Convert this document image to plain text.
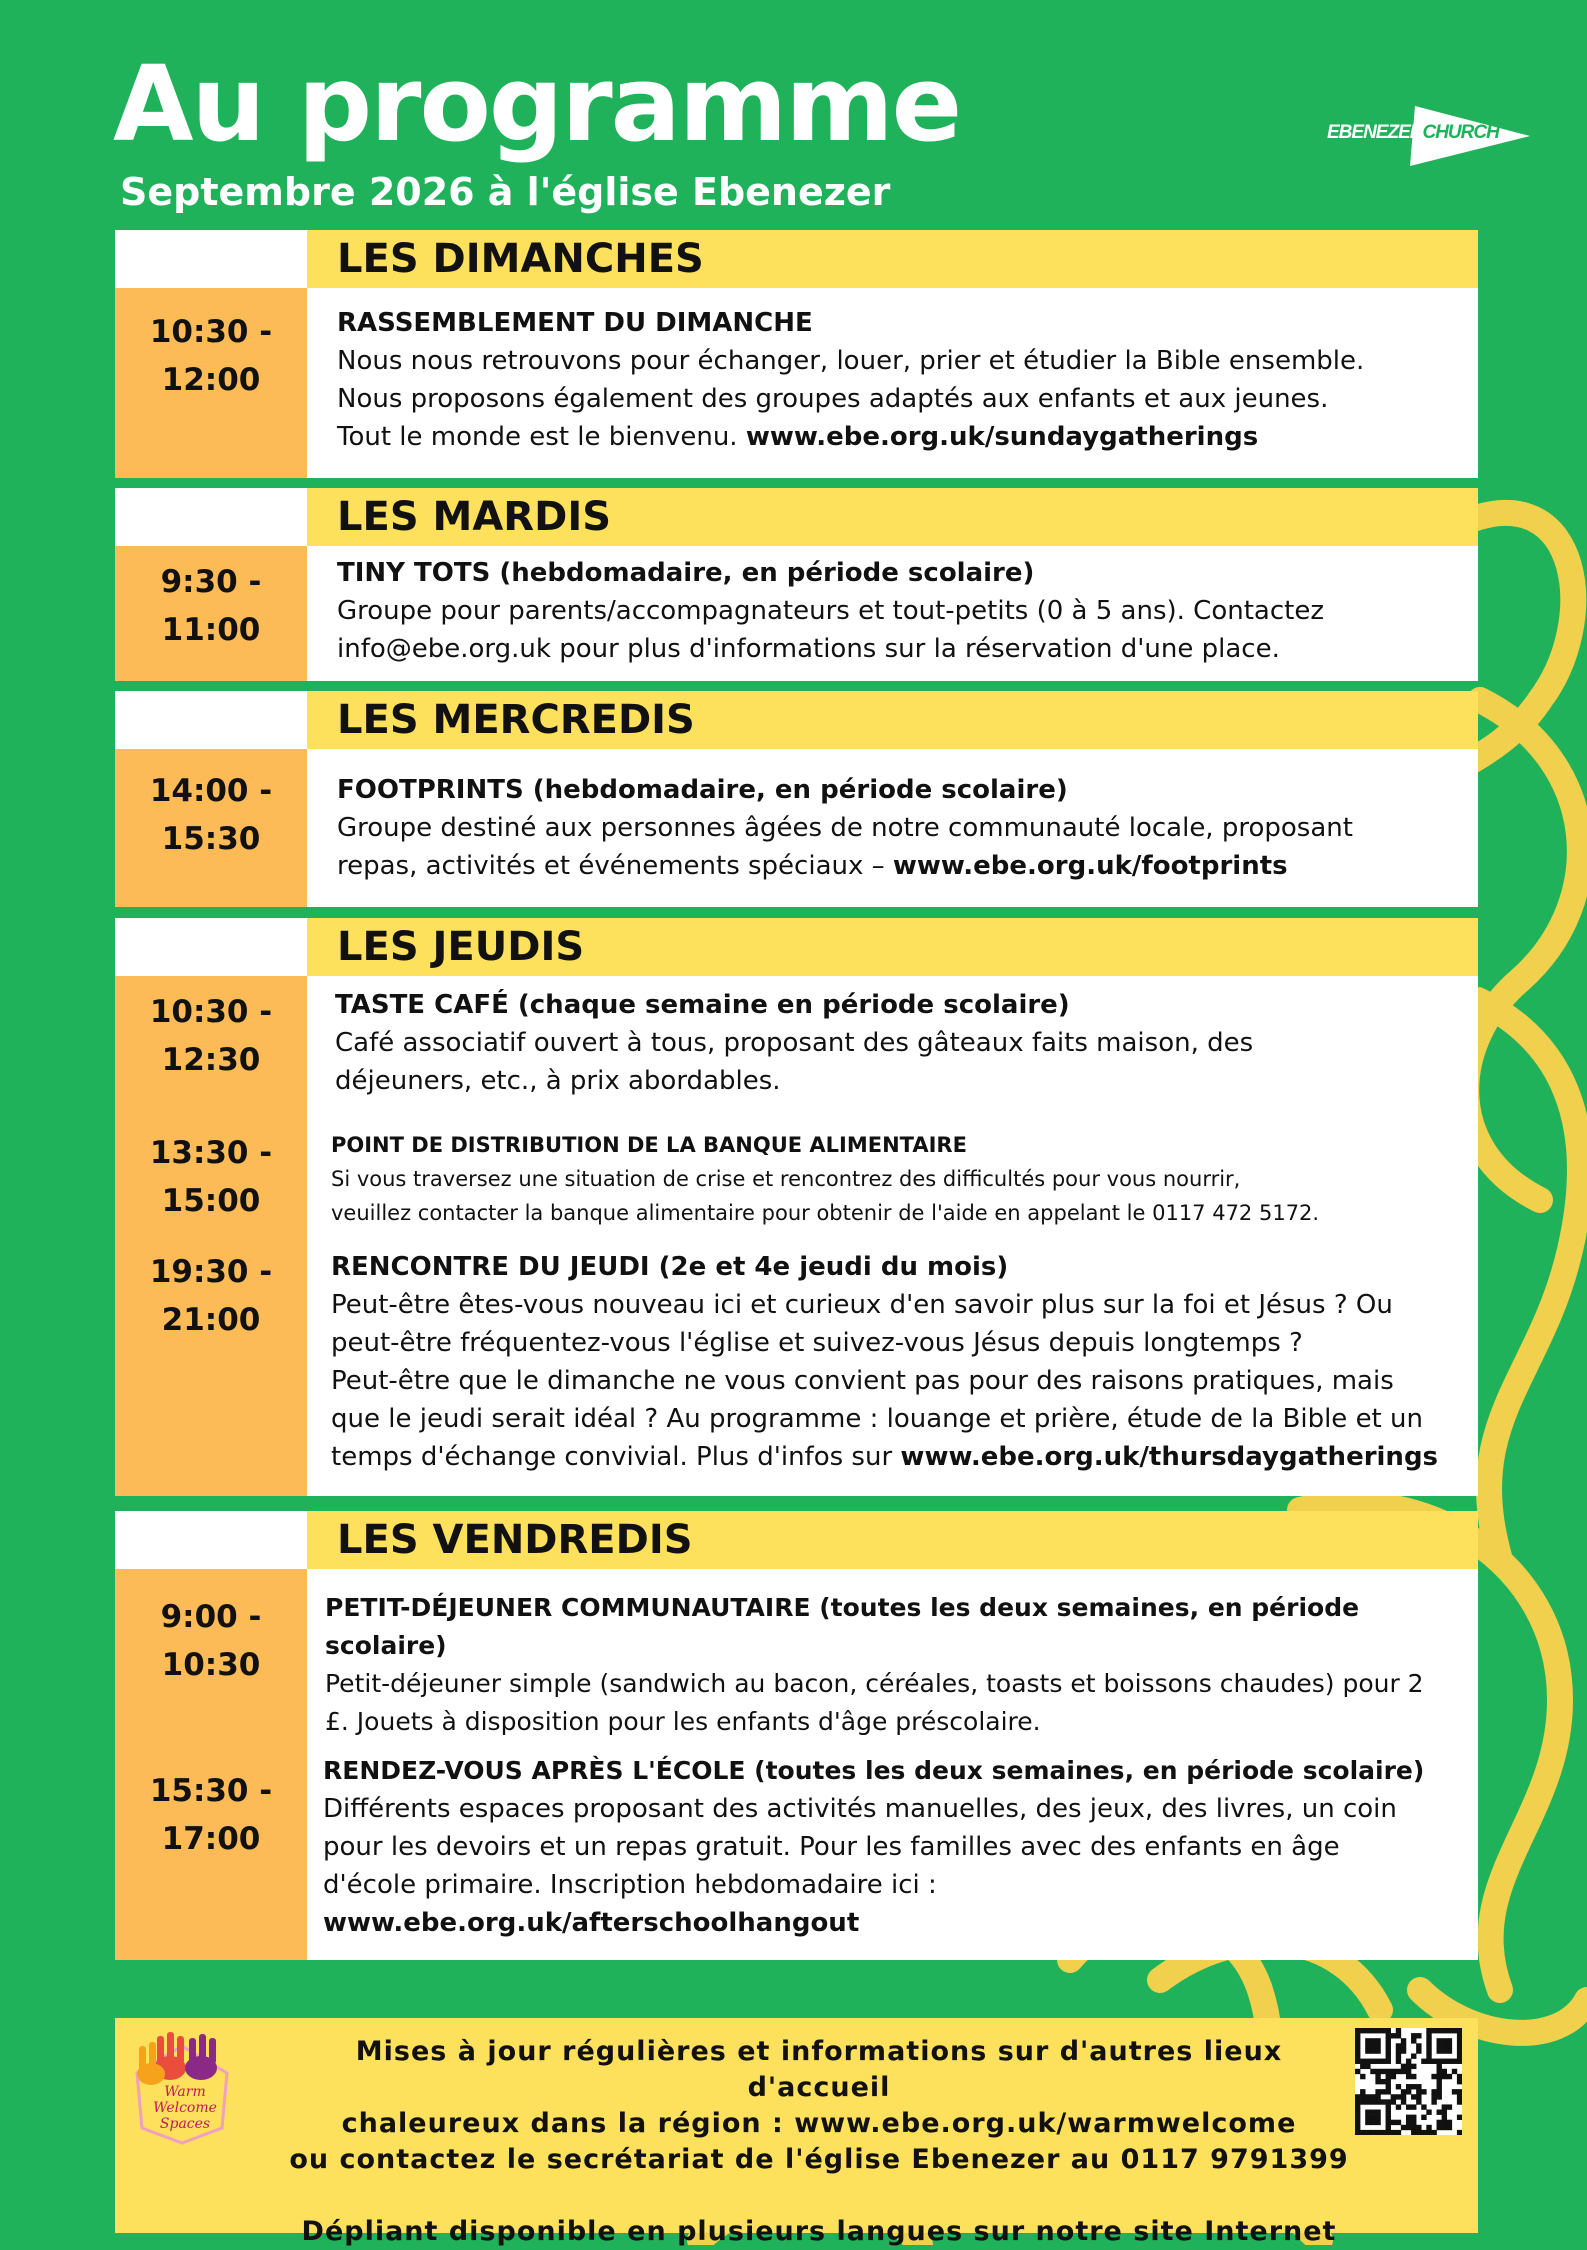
Au programme
Septembre 2026 à l'église Ebenezer
EBENEZERCHURCH
LES DIMANCHES
10:30 -
12:00
RASSEMBLEMENT DU DIMANCHE

Nous nous retrouvons pour échanger, louer, prier et étudier la Bible ensemble.

Nous proposons également des groupes adaptés aux enfants et aux jeunes.

Tout le monde est le bienvenu. www.ebe.org.uk/sundaygatherings

LES MARDIS
9:30 -
11:00
TINY TOTS (hebdomadaire, en période scolaire)

Groupe pour parents/accompagnateurs et tout-petits (0 à 5 ans). Contactez

info@ebe.org.uk pour plus d'informations sur la réservation d'une place.

LES MERCREDIS
14:00 -
15:30
FOOTPRINTS (hebdomadaire, en période scolaire)

Groupe destiné aux personnes âgées de notre communauté locale, proposant

repas, activités et événements spéciaux – www.ebe.org.uk/footprints

LES JEUDIS
10:30 -
12:30
13:30 -
15:00
19:30 -
21:00
TASTE CAFÉ (chaque semaine en période scolaire)

Café associatif ouvert à tous, proposant des gâteaux faits maison, des

déjeuners, etc., à prix abordables.

POINT DE DISTRIBUTION DE LA BANQUE ALIMENTAIRE

Si vous traversez une situation de crise et rencontrez des difficultés pour vous nourrir,

veuillez contacter la banque alimentaire pour obtenir de l'aide en appelant le 0117 472 5172.

RENCONTRE DU JEUDI (2e et 4e jeudi du mois)

Peut-être êtes-vous nouveau ici et curieux d'en savoir plus sur la foi et Jésus ? Ou

peut-être fréquentez-vous l'église et suivez-vous Jésus depuis longtemps ?

Peut-être que le dimanche ne vous convient pas pour des raisons pratiques, mais

que le jeudi serait idéal ? Au programme : louange et prière, étude de la Bible et un

temps d'échange convivial. Plus d'infos sur www.ebe.org.uk/thursdaygatherings

LES VENDREDIS
9:00 -
10:30
15:30 -
17:00
PETIT-DÉJEUNER COMMUNAUTAIRE (toutes les deux semaines, en période scolaire)

Petit-déjeuner simple (sandwich au bacon, céréales, toasts et boissons chaudes) pour 2

£. Jouets à disposition pour les enfants d'âge préscolaire.

RENDEZ-VOUS APRÈS L'ÉCOLE (toutes les deux semaines, en période scolaire)

Différents espaces proposant des activités manuelles, des jeux, des livres, un coin

pour les devoirs et un repas gratuit. Pour les familles avec des enfants en âge

d'école primaire. Inscription hebdomadaire ici :

www.ebe.org.uk/afterschoolhangout

Warm
Welcome
Spaces

Mises à jour régulières et informations sur d'autres lieux d'accueil

chaleureux dans la région : www.ebe.org.uk/warmwelcome

ou contactez le secrétariat de l'église Ebenezer au 0117 9791399

Dépliant disponible en plusieurs langues sur notre site Internet
